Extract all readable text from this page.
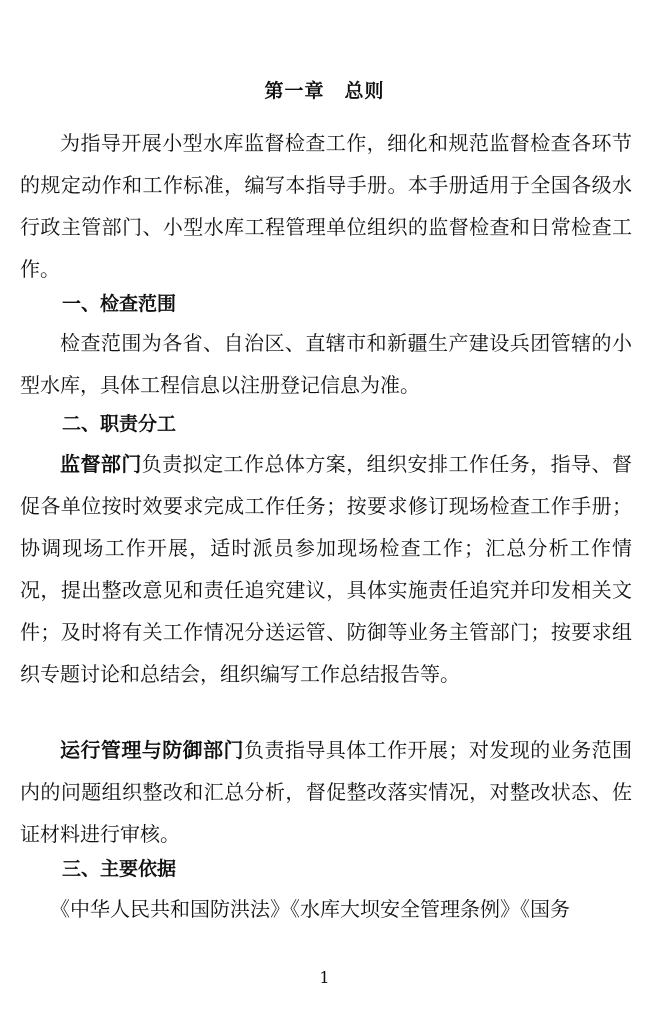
第一章　总则

为指导开展小型水库监督检查工作，细化和规范监督检查各环节的规定动作和工作标准，编写本指导手册。本手册适用于全国各级水行政主管部门、小型水库工程管理单位组织的监督检查和日常检查工作。

一、检查范围

检查范围为各省、自治区、直辖市和新疆生产建设兵团管辖的小型水库，具体工程信息以注册登记信息为准。

二、职责分工

监督部门负责拟定工作总体方案，组织安排工作任务，指导、督促各单位按时效要求完成工作任务；按要求修订现场检查工作手册；协调现场工作开展，适时派员参加现场检查工作；汇总分析工作情况，提出整改意见和责任追究建议，具体实施责任追究并印发相关文件；及时将有关工作情况分送运管、防御等业务主管部门；按要求组织专题讨论和总结会，组织编写工作总结报告等。

运行管理与防御部门负责指导具体工作开展；对发现的业务范围内的问题组织整改和汇总分析，督促整改落实情况，对整改状态、佐证材料进行审核。

三、主要依据

《中华人民共和国防洪法》《水库大坝安全管理条例》《国务

1
